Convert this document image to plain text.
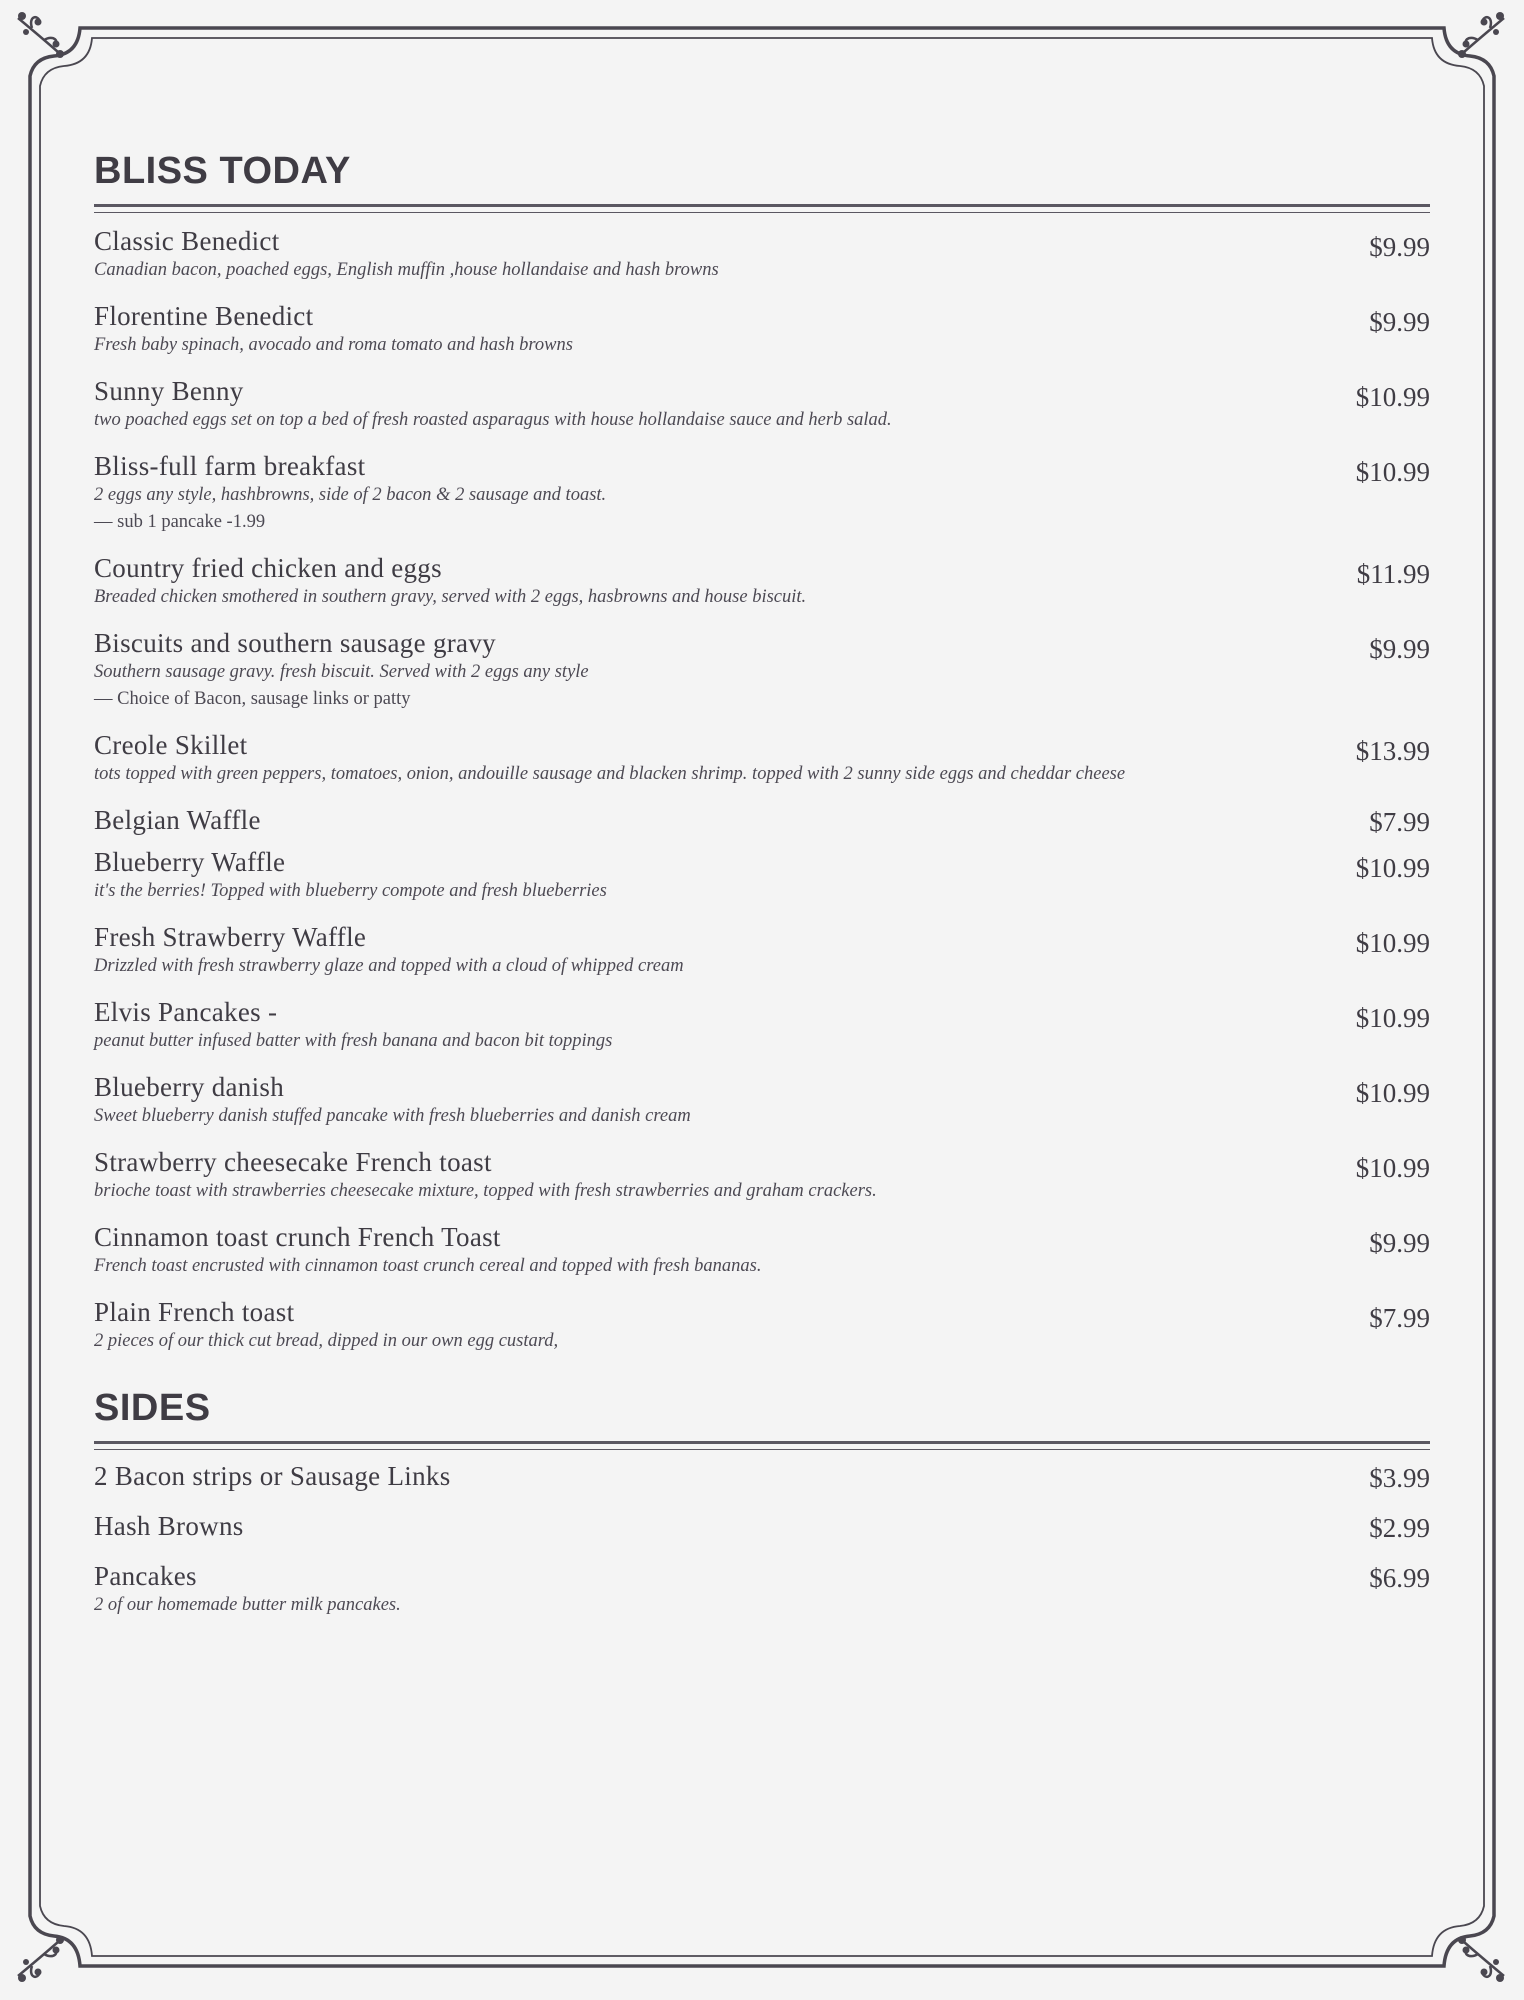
BLISS TODAY
Classic Benedict
Canadian bacon, poached eggs, English muffin ,house hollandaise and hash browns
$9.99
Florentine Benedict
Fresh baby spinach, avocado and roma tomato and hash browns
$9.99
Sunny Benny
two poached eggs set on top a bed of fresh roasted asparagus with house hollandaise sauce and herb salad.
$10.99
Bliss-full farm breakfast
2 eggs any style, hashbrowns, side of 2 bacon & 2 sausage and toast.
— sub 1 pancake -1.99
$10.99
Country fried chicken and eggs
Breaded chicken smothered in southern gravy, served with 2 eggs, hasbrowns and house biscuit.
$11.99
Biscuits and southern sausage gravy
Southern sausage gravy. fresh biscuit. Served with 2 eggs any style
— Choice of Bacon, sausage links or patty
$9.99
Creole Skillet
tots topped with green peppers, tomatoes, onion, andouille sausage and blacken shrimp. topped with 2 sunny side eggs and cheddar cheese
$13.99
Belgian Waffle	$7.99
Blueberry Waffle
it's the berries! Topped with blueberry compote and fresh blueberries
$10.99
Fresh Strawberry Waffle
Drizzled with fresh strawberry glaze and topped with a cloud of whipped cream
$10.99
Elvis Pancakes -
peanut butter infused batter with fresh banana and bacon bit toppings
$10.99
Blueberry danish
Sweet blueberry danish stuffed pancake with fresh blueberries and danish cream
$10.99
Strawberry cheesecake French toast
brioche toast with strawberries cheesecake mixture, topped with fresh strawberries and graham crackers.
$10.99
Cinnamon toast crunch French Toast
French toast encrusted with cinnamon toast crunch cereal and topped with fresh bananas.
$9.99
Plain French toast
2 pieces of our thick cut bread, dipped in our own egg custard,
$7.99
SIDES
2 Bacon strips or Sausage Links	$3.99
Hash Browns	$2.99
Pancakes
2 of our homemade butter milk pancakes.
$6.99
